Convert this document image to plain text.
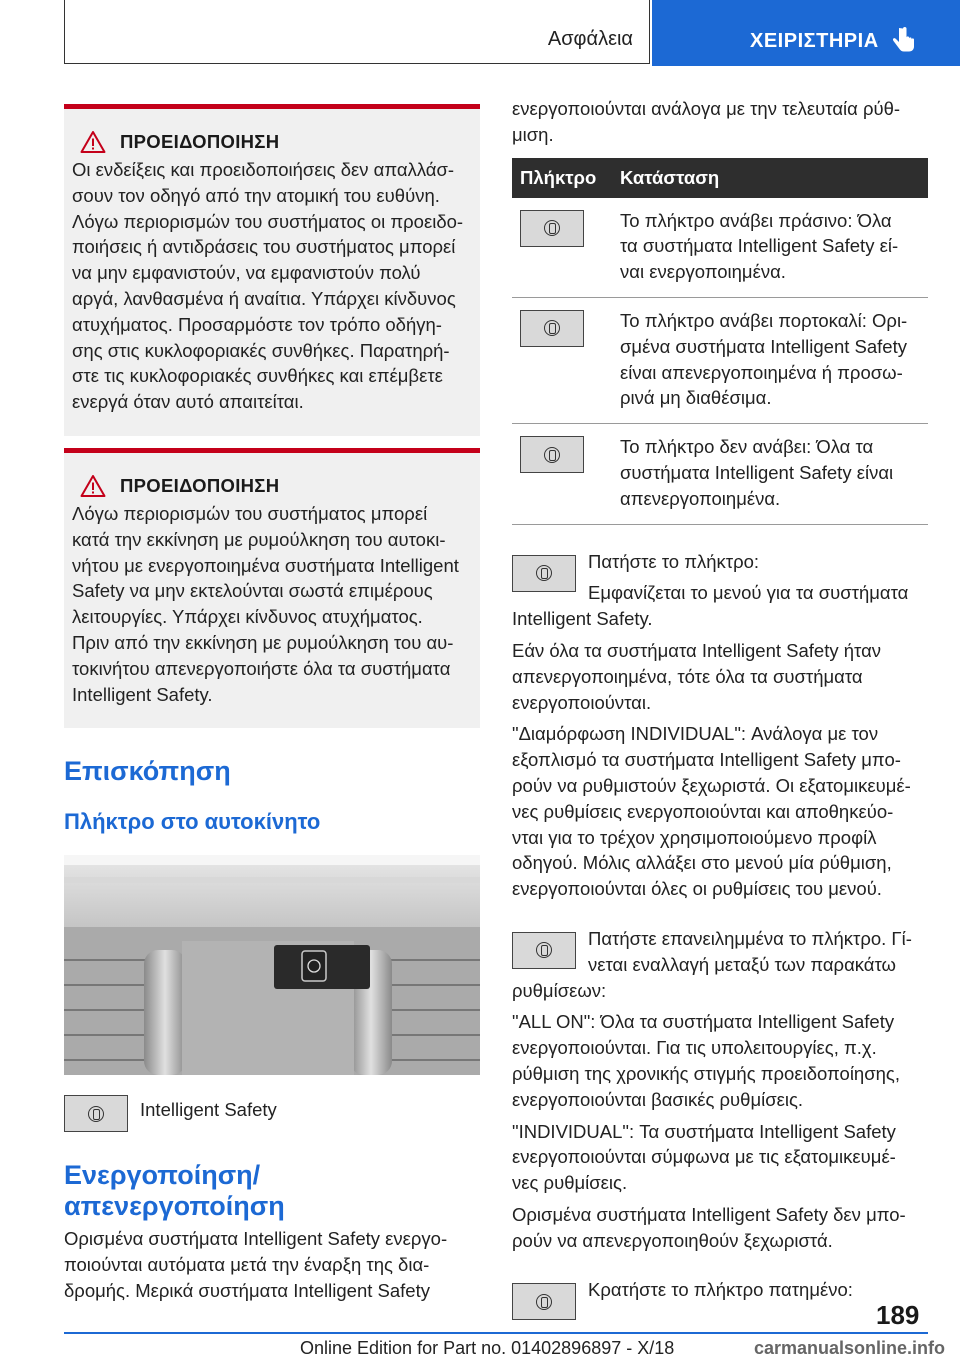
Ασφάλεια	ΧΕΙΡΙΣΤΗΡΙΑ
ΠΡΟΕΙΔΟΠΟΙΗΣΗ
Οι ενδείξεις και προειδοποιήσεις δεν απαλλάσ-
σουν τον οδηγό από την ατομική του ευθύνη.
Λόγω περιορισμών του συστήματος οι προειδο-
ποιήσεις ή αντιδράσεις του συστήματος μπορεί
να μην εμφανιστούν, να εμφανιστούν πολύ
αργά, λανθασμένα ή αναίτια. Υπάρχει κίνδυνος
ατυχήματος. Προσαρμόστε τον τρόπο οδήγη-
σης στις κυκλοφοριακές συνθήκες. Παρατηρή-
στε τις κυκλοφοριακές συνθήκες και επέμβετε
ενεργά όταν αυτό απαιτείται.
ΠΡΟΕΙΔΟΠΟΙΗΣΗ
Λόγω περιορισμών του συστήματος μπορεί
κατά την εκκίνηση με ρυμούλκηση του αυτοκι-
νήτου με ενεργοποιημένα συστήματα Intelligent
Safety να μην εκτελούνται σωστά επιμέρους
λειτουργίες. Υπάρχει κίνδυνος ατυχήματος.
Πριν από την εκκίνηση με ρυμούλκηση του αυ-
τοκινήτου απενεργοποιήστε όλα τα συστήματα
Intelligent Safety.
Επισκόπηση
Πλήκτρο στο αυτοκίνητο
Intelligent Safety
Ενεργοποίηση/απενεργοποίηση
Ορισμένα συστήματα Intelligent Safety ενεργο-
ποιούνται αυτόματα μετά την έναρξη της δια-
δρομής. Μερικά συστήματα Intelligent Safety
ενεργοποιούνται ανάλογα με την τελευταία ρύθ-
μιση.
Πλήκτρο	Κατάσταση

	Το πλήκτρο ανάβει πράσινο: Όλα
τα συστήματα Intelligent Safety εί-
ναι ενεργοποιημένα.

	Το πλήκτρο ανάβει πορτοκαλί: Ορι-
σμένα συστήματα Intelligent Safety
είναι απενεργοποιημένα ή προσω-
ρινά μη διαθέσιμα.

	Το πλήκτρο δεν ανάβει: Όλα τα
συστήματα Intelligent Safety είναι
απενεργοποιημένα.
Πατήστε το πλήκτρο:
Εμφανίζεται το μενού για τα συστήματα
Intelligent Safety.
Εάν όλα τα συστήματα Intelligent Safety ήταν
απενεργοποιημένα, τότε όλα τα συστήματα
ενεργοποιούνται.
"Διαμόρφωση INDIVIDUAL": Ανάλογα με τον
εξοπλισμό τα συστήματα Intelligent Safety μπο-
ρούν να ρυθμιστούν ξεχωριστά. Οι εξατομικευμέ-
νες ρυθμίσεις ενεργοποιούνται και αποθηκεύο-
νται για το τρέχον χρησιμοποιούμενο προφίλ
οδηγού. Μόλις αλλάξει στο μενού μία ρύθμιση,
ενεργοποιούνται όλες οι ρυθμίσεις του μενού.
Πατήστε επανειλημμένα το πλήκτρο. Γί-
νεται εναλλαγή μεταξύ των παρακάτω
ρυθμίσεων:
"ALL ON": Όλα τα συστήματα Intelligent Safety
ενεργοποιούνται. Για τις υπολειτουργίες, π.χ.
ρύθμιση της χρονικής στιγμής προειδοποίησης,
ενεργοποιούνται βασικές ρυθμίσεις.
"INDIVIDUAL": Τα συστήματα Intelligent Safety
ενεργοποιούνται σύμφωνα με τις εξατομικευμέ-
νες ρυθμίσεις.
Ορισμένα συστήματα Intelligent Safety δεν μπο-
ρούν να απενεργοποιηθούν ξεχωριστά.
Κρατήστε το πλήκτρο πατημένο:
189
Online Edition for Part no. 01402896897 - X/18	carmanualsonline.info
